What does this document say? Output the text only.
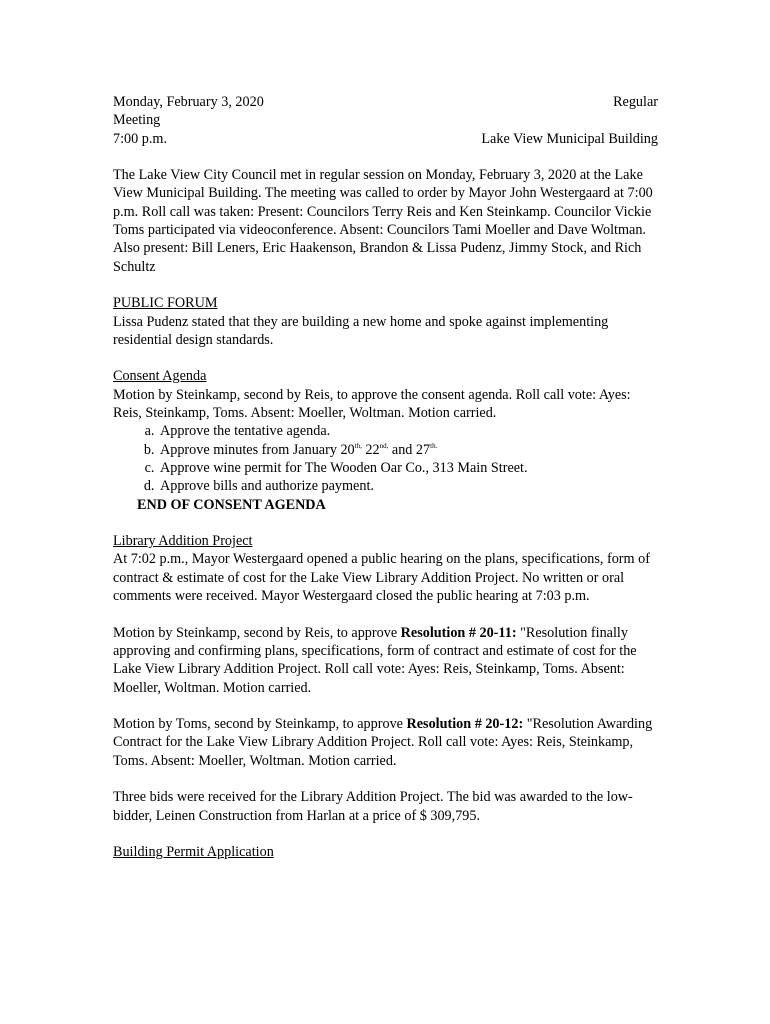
Monday, February 3, 2020	Regular

Meeting

7:00 p.m.	Lake View Municipal Building

The Lake View City Council met in regular session on Monday, February 3, 2020 at the Lake View Municipal Building. The meeting was called to order by Mayor John Westergaard at 7:00 p.m. Roll call was taken: Present: Councilors Terry Reis and Ken Steinkamp. Councilor Vickie Toms participated via videoconference. Absent: Councilors Tami Moeller and Dave Woltman. Also present: Bill Leners, Eric Haakenson, Brandon & Lissa Pudenz, Jimmy Stock, and Rich Schultz

PUBLIC FORUM

Lissa Pudenz stated that they are building a new home and spoke against implementing residential design standards.

Consent Agenda

Motion by Steinkamp, second by Reis, to approve the consent agenda. Roll call vote: Ayes: Reis, Steinkamp, Toms. Absent: Moeller, Woltman. Motion carried.

a. Approve the tentative agenda.
b. Approve minutes from January $20^{th,}$ $22^{nd,}$ and $27^{th.}$
c. Approve wine permit for The Wooden Oar Co., 313 Main Street.
d. Approve bills and authorize payment.

END OF CONSENT AGENDA

Library Addition Project

At 7:02 p.m., Mayor Westergaard opened a public hearing on the plans, specifications, form of contract & estimate of cost for the Lake View Library Addition Project. No written or oral comments were received. Mayor Westergaard closed the public hearing at 7:03 p.m.

Motion by Steinkamp, second by Reis, to approve Resolution # 20-11: "Resolution finally approving and confirming plans, specifications, form of contract and estimate of cost for the Lake View Library Addition Project. Roll call vote: Ayes: Reis, Steinkamp, Toms. Absent: Moeller, Woltman. Motion carried.

Motion by Toms, second by Steinkamp, to approve Resolution # 20-12: "Resolution Awarding Contract for the Lake View Library Addition Project. Roll call vote: Ayes: Reis, Steinkamp, Toms. Absent: Moeller, Woltman. Motion carried.

Three bids were received for the Library Addition Project. The bid was awarded to the low-bidder, Leinen Construction from Harlan at a price of $ 309,795.

Building Permit Application
